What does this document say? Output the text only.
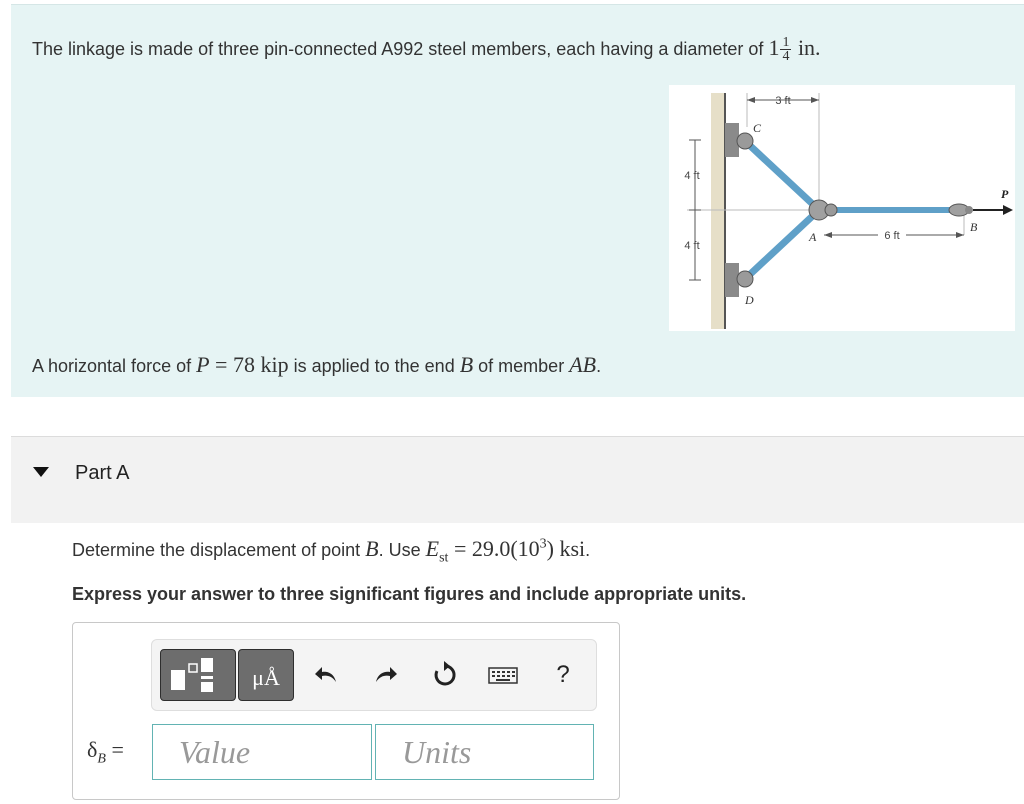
The linkage is made of three pin-connected A992 steel members, each having a diameter of $1 \frac{1}{4}$ in.
3 ft
4 ft
4 ft
6 ft
C
A
B
D
P
A horizontal force of P = 78 kip is applied to the end B of member AB.
Part A
Determine the displacement of point B. Use $E_{st} = 29.0(10^3)$ ksi.
Express your answer to three significant figures and include appropriate units.
μÅ	?
$\delta_B$ =	Value	Units
